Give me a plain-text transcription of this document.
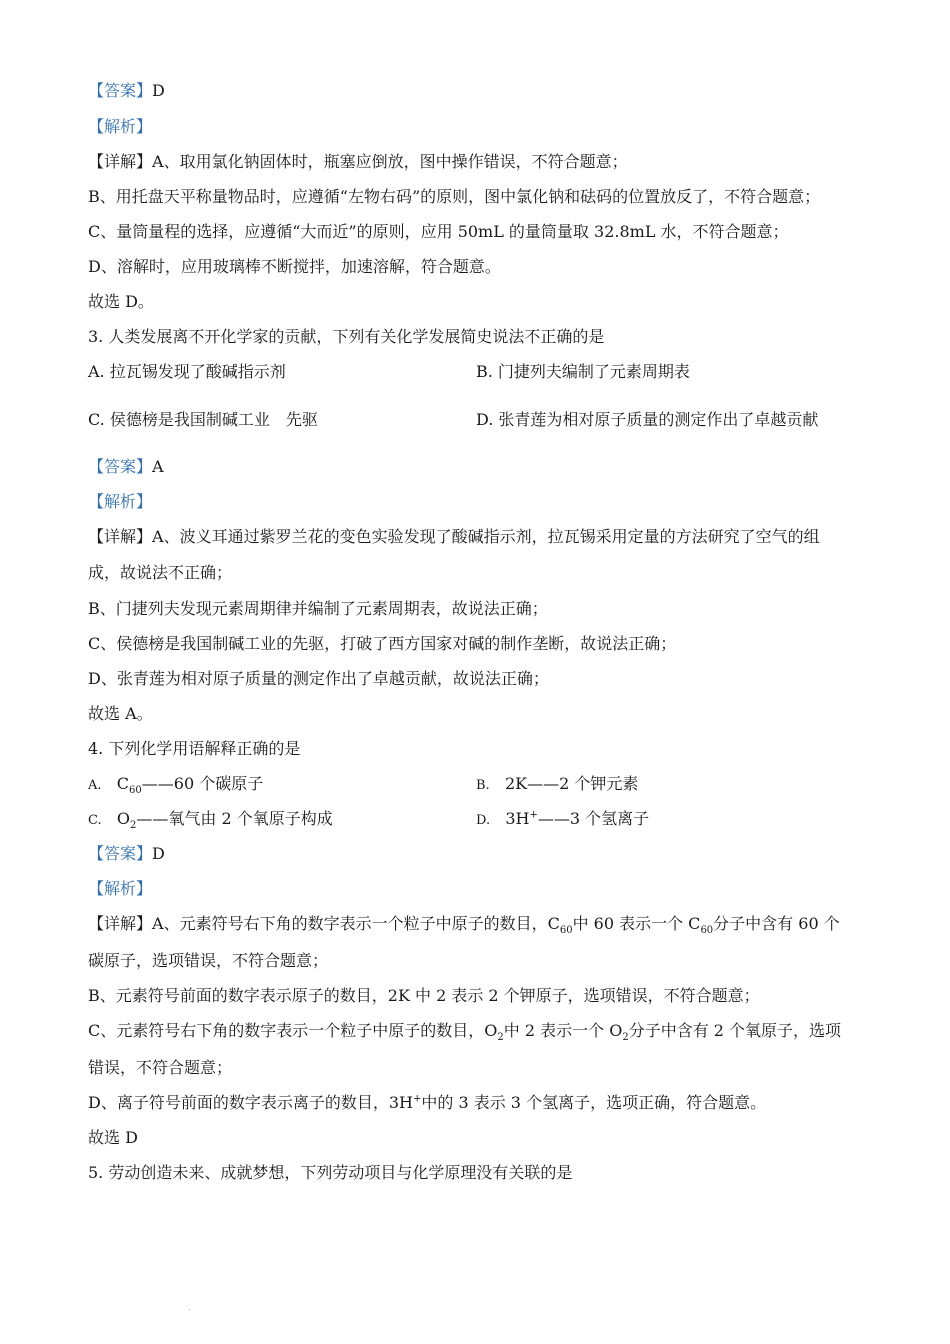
【答案】D
【解析】
【详解】A、取用氯化钠固体时，瓶塞应倒放，图中操作错误，不符合题意；
B、用托盘天平称量物品时，应遵循“左物右码”的原则，图中氯化钠和砝码的位置放反了，不符合题意；
C、量筒量程的选择，应遵循“大而近”的原则，应用 50mL 的量筒量取 32.8mL 水，不符合题意；
D、溶解时，应用玻璃棒不断搅拌，加速溶解，符合题意。
故选 D。
3. 人类发展离不开化学家的贡献，下列有关化学发展简史说法不正确的是
A. 拉瓦锡发现了酸碱指示剂	B. 门捷列夫编制了元素周期表
C. 侯德榜是我国制碱工业　先驱	D. 张青莲为相对原子质量的测定作出了卓越贡献
【答案】A
【解析】
【详解】A、波义耳通过紫罗兰花的变色实验发现了酸碱指示剂，拉瓦锡采用定量的方法研究了空气的组
成，故说法不正确；
B、门捷列夫发现元素周期律并编制了元素周期表，故说法正确；
C、侯德榜是我国制碱工业的先驱，打破了西方国家对碱的制作垄断，故说法正确；
D、张青莲为相对原子质量的测定作出了卓越贡献，故说法正确；
故选 A。
4. 下列化学用语解释正确的是
A. $C_{60}——60$ 个碳原子	B. 2K——2 个钾元素
C. $O_2——$氧气由 2 个氧原子构成	D. 3H+——3 个氢离子
【答案】D
【解析】
【详解】A、元素符号右下角的数字表示一个粒子中原子的数目，$C_{60}$中 60 表示一个 $C_{60}$分子中含有 60 个
碳原子，选项错误，不符合题意；
B、元素符号前面的数字表示原子的数目，2K 中 2 表示 2 个钾原子，选项错误，不符合题意；
C、元素符号右下角的数字表示一个粒子中原子的数目，$O_2$中 2 表示一个 $O_2$分子中含有 2 个氧原子，选项
错误，不符合题意；
D、离子符号前面的数字表示离子的数目，3H+中的 3 表示 3 个氢离子，选项正确，符合题意。
故选 D
5. 劳动创造未来、成就梦想，下列劳动项目与化学原理没有关联的是
.
